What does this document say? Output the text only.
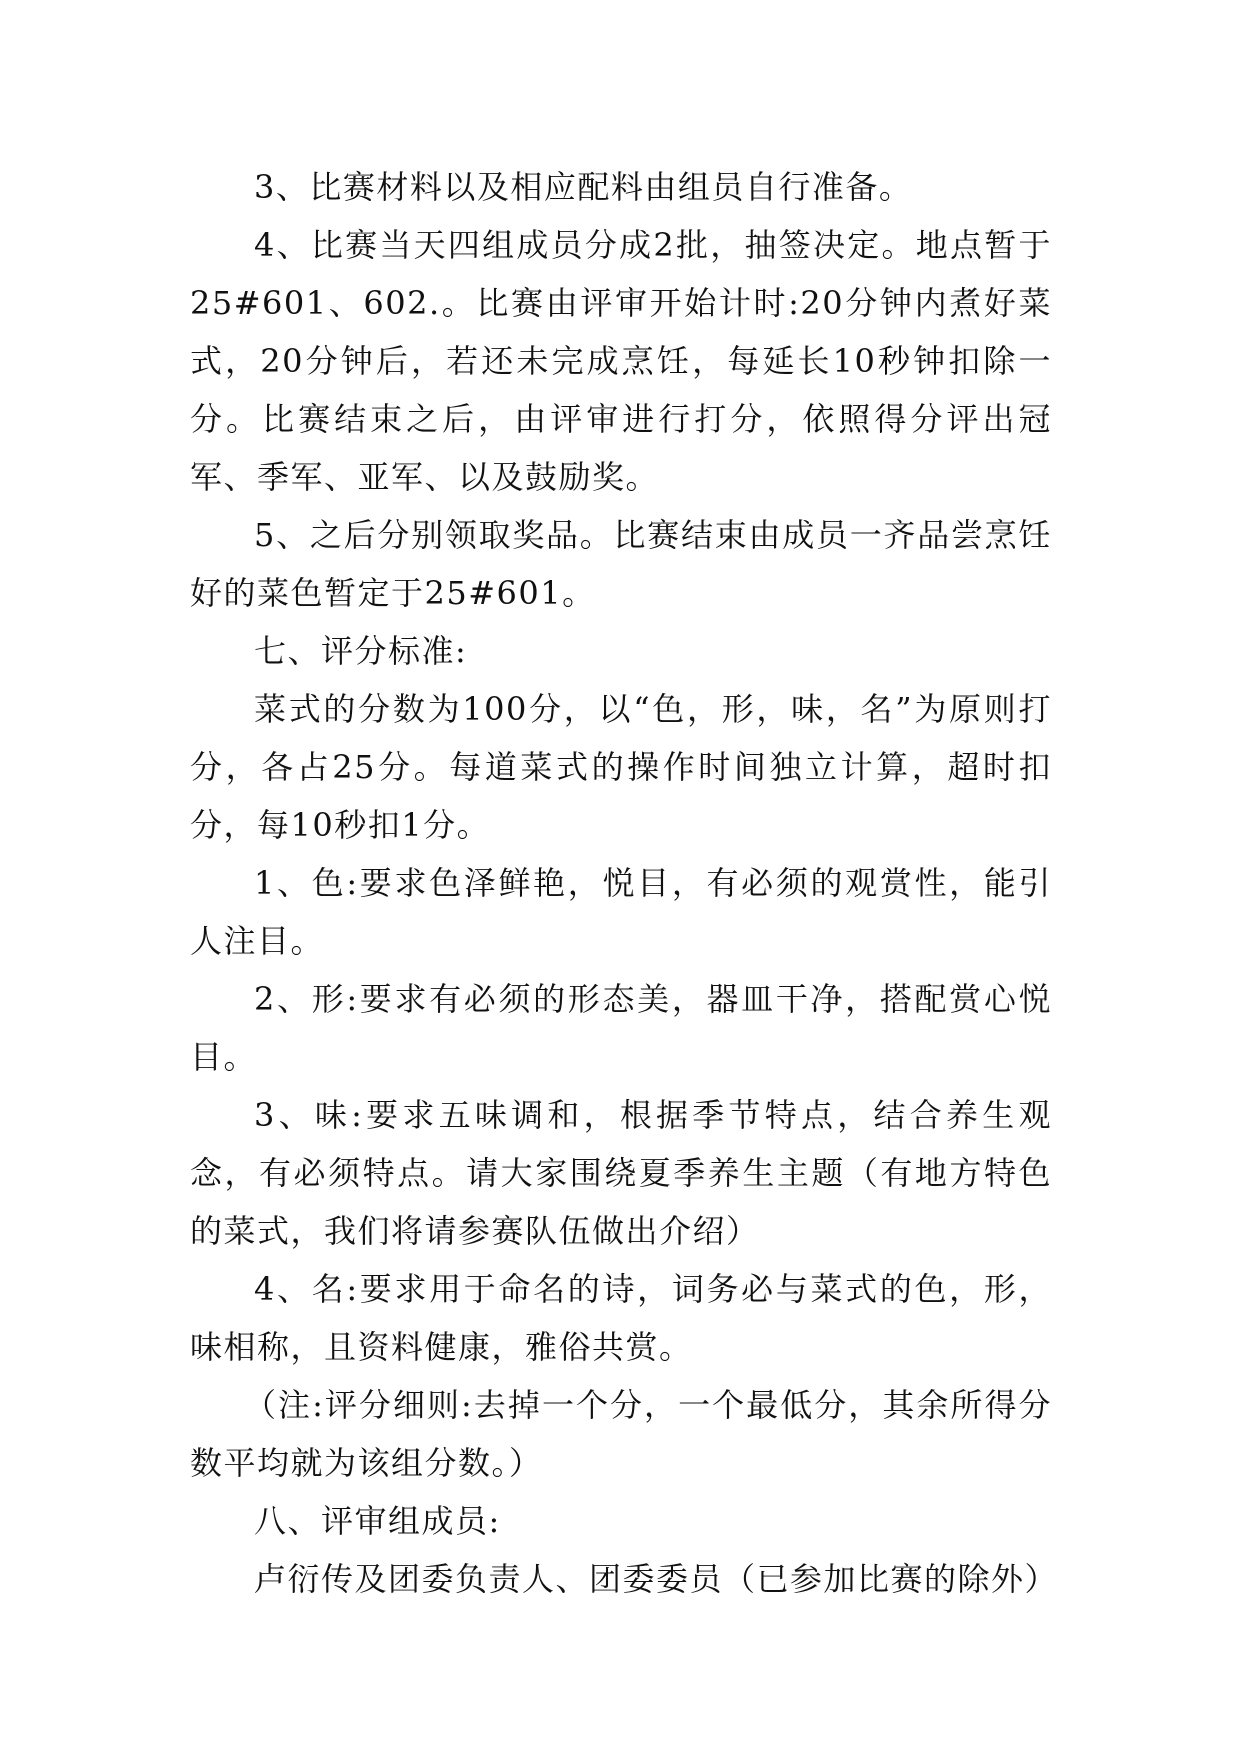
3、比赛材料以及相应配料由组员自行准备。

4、比赛当天四组成员分成2批，抽签决定。地点暂于25#601、602.。比赛由评审开始计时:20分钟内煮好菜式，20分钟后，若还未完成烹饪，每延长10秒钟扣除一分。比赛结束之后，由评审进行打分，依照得分评出冠军、季军、亚军、以及鼓励奖。

5、之后分别领取奖品。比赛结束由成员一齐品尝烹饪好的菜色暂定于25#601。

七、评分标准:

菜式的分数为100分，以“色，形，味，名”为原则打分，各占25分。每道菜式的操作时间独立计算，超时扣分，每10秒扣1分。

1、色:要求色泽鲜艳，悦目，有必须的观赏性，能引人注目。

2、形:要求有必须的形态美，器皿干净，搭配赏心悦目。

3、味:要求五味调和，根据季节特点，结合养生观念，有必须特点。请大家围绕夏季养生主题（有地方特色的菜式，我们将请参赛队伍做出介绍）

4、名:要求用于命名的诗，词务必与菜式的色，形，味相称，且资料健康，雅俗共赏。

（注:评分细则:去掉一个分，一个最低分，其余所得分数平均就为该组分数。）

八、评审组成员:

卢衍传及团委负责人、团委委员（已参加比赛的除外）
